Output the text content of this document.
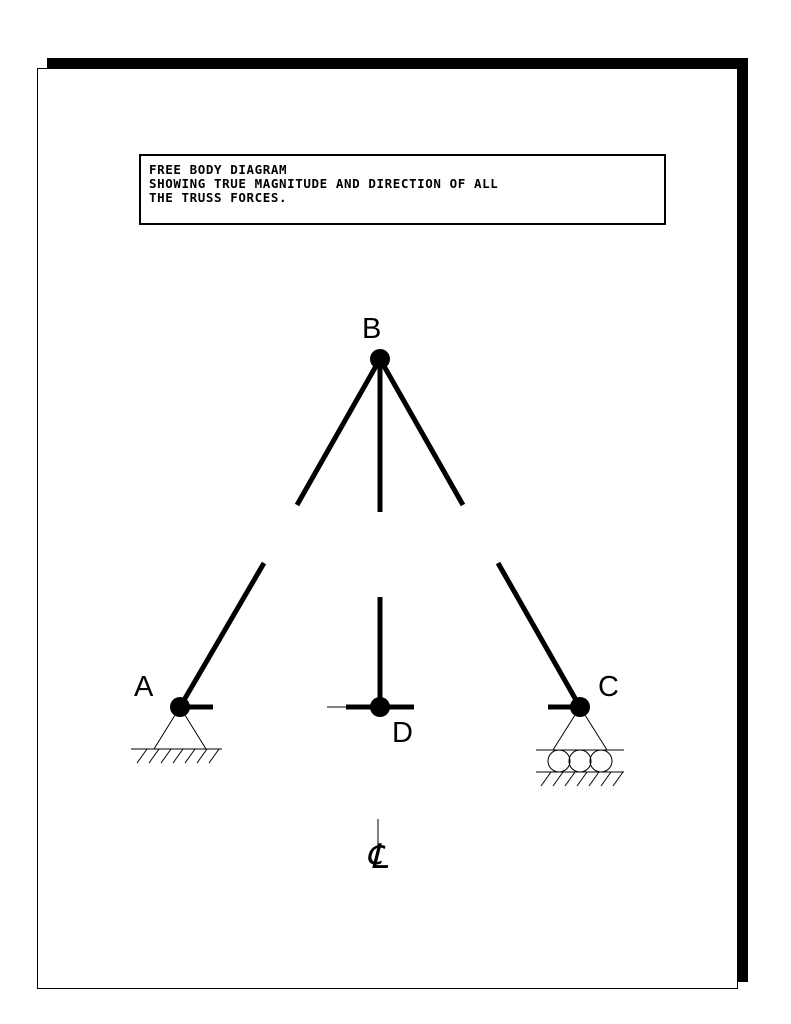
FREE BODY DIAGRAM
SHOWING TRUE MAGNITUDE AND DIRECTION OF ALL
THE TRUSS FORCES.
B
A
D
C
℄
